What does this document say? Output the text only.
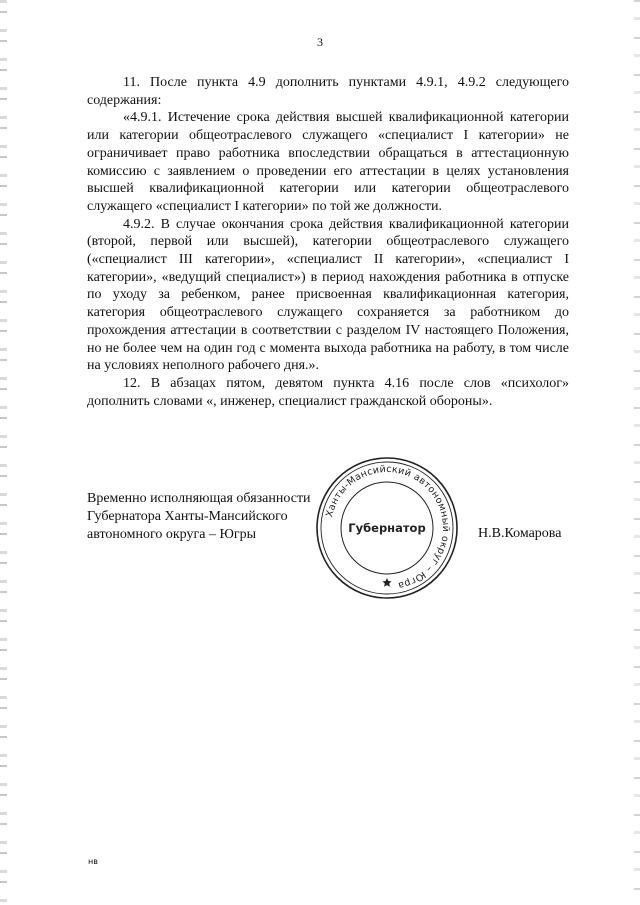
3

11. После пункта 4.9 дополнить пунктами 4.9.1, 4.9.2 следующего содержания:

«4.9.1. Истечение срока действия высшей квалификационной категории или категории общеотраслевого служащего «специалист I категории» не ограничивает право работника впоследствии обращаться в аттестационную комиссию с заявлением о проведении его аттестации в целях установления высшей квалификационной категории или категории общеотраслевого служащего «специалист I категории» по той же должности.

4.9.2. В случае окончания срока действия квалификационной категории (второй, первой или высшей), категории общеотраслевого служащего («специалист III категории», «специалист II категории», «специалист I категории», «ведущий специалист») в период нахождения работника в отпуске по уходу за ребенком, ранее присвоенная квалификационная категория, категория общеотраслевого служащего сохраняется за работником до прохождения аттестации в соответствии с разделом IV настоящего Положения, но не более чем на один год с момента выхода работника на работу, в том числе на условиях неполного рабочего дня.».

12. В абзацах пятом, девятом пункта 4.16 после слов «психолог» дополнить словами «, инженер, специалист гражданской обороны».

Временно исполняющая обязанности
Губернатора Ханты-Мансийского
автономного округа – Югры
Ханты-Мансийский автономный округ – Югра
Губернатор	Н.В.Комарова
нв
